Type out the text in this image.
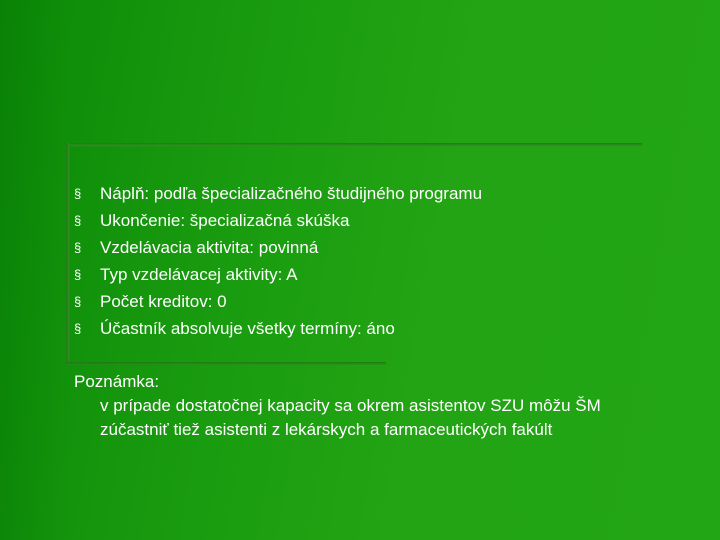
§	Náplň: podľa špecializačného študijného programu
§	Ukončenie: špecializačná skúška
§	Vzdelávacia aktivita: povinná
§	Typ vzdelávacej aktivity: A
§	Počet kreditov: 0
§	Účastník absolvuje všetky termíny: áno
Poznámka:
v prípade dostatočnej kapacity sa okrem asistentov SZU môžu ŠM
zúčastniť tiež asistenti z lekárskych a farmaceutických fakúlt
